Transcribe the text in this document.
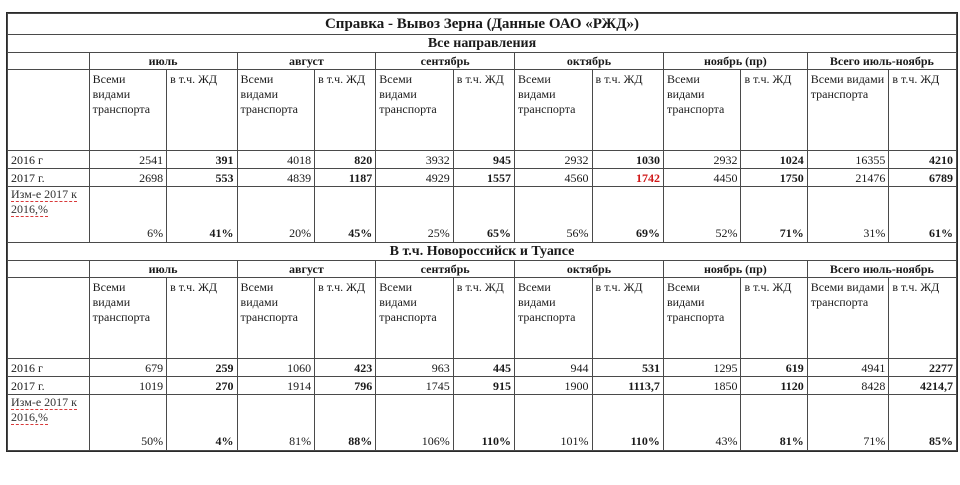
Справка - Вывоз Зерна (Данные ОАО «РЖД»)												
Все направления												
	июль		август		сентябрь		октябрь		ноябрь (пр)		Всего июль-ноябрь	
	Всеми видами транспорта	в т.ч. ЖД	Всеми видами транспорта	в т.ч. ЖД	Всеми видами транспорта	в т.ч. ЖД	Всеми видами транспорта	в т.ч. ЖД	Всеми видами транспорта	в т.ч. ЖД	Всеми видами транспорта	в т.ч. ЖД
2016 г	2541	391	4018	820	3932	945	2932	1030	2932	1024	16355	4210
2017 г.	2698	553	4839	1187	4929	1557	4560	1742	4450	1750	21476	6789
Изм-е 2017 к 2016,%	6%	41%	20%	45%	25%	65%	56%	69%	52%	71%	31%	61%
В т.ч. Новороссийск и Туапсе												
	июль		август		сентябрь		октябрь		ноябрь (пр)		Всего июль-ноябрь	
	Всеми видами транспорта	в т.ч. ЖД	Всеми видами транспорта	в т.ч. ЖД	Всеми видами транспорта	в т.ч. ЖД	Всеми видами транспорта	в т.ч. ЖД	Всеми видами транспорта	в т.ч. ЖД	Всеми видами транспорта	в т.ч. ЖД
2016 г	679	259	1060	423	963	445	944	531	1295	619	4941	2277
2017 г.	1019	270	1914	796	1745	915	1900	1113,7	1850	1120	8428	4214,7
Изм-е 2017 к 2016,%	50%	4%	81%	88%	106%	110%	101%	110%	43%	81%	71%	85%
